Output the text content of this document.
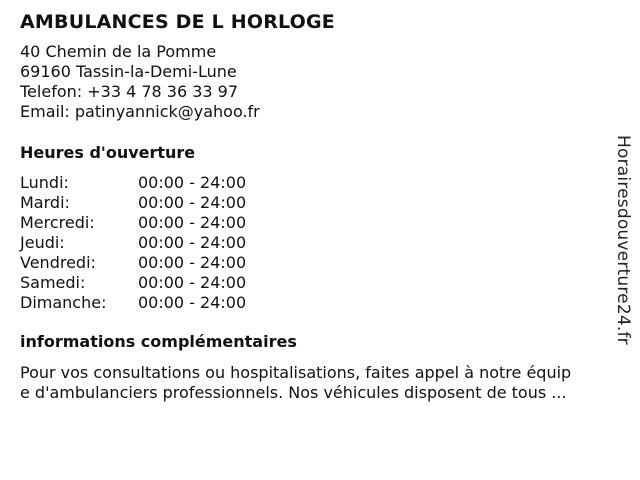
AMBULANCES DE L HORLOGE
40 Chemin de la Pomme
69160 Tassin-la-Demi-Lune
Telefon: +33 4 78 36 33 97
Email: patinyannick@yahoo.fr
Heures d'ouverture
Lundi:	00:00 - 24:00
Mardi:	00:00 - 24:00
Mercredi:	00:00 - 24:00
Jeudi:	00:00 - 24:00
Vendredi:	00:00 - 24:00
Samedi:	00:00 - 24:00
Dimanche:	00:00 - 24:00
informations complémentaires
Pour vos consultations ou hospitalisations, faites appel à notre équip
e d'ambulanciers professionnels. Nos véhicules disposent de tous ...
Horairesdouverture24.fr
